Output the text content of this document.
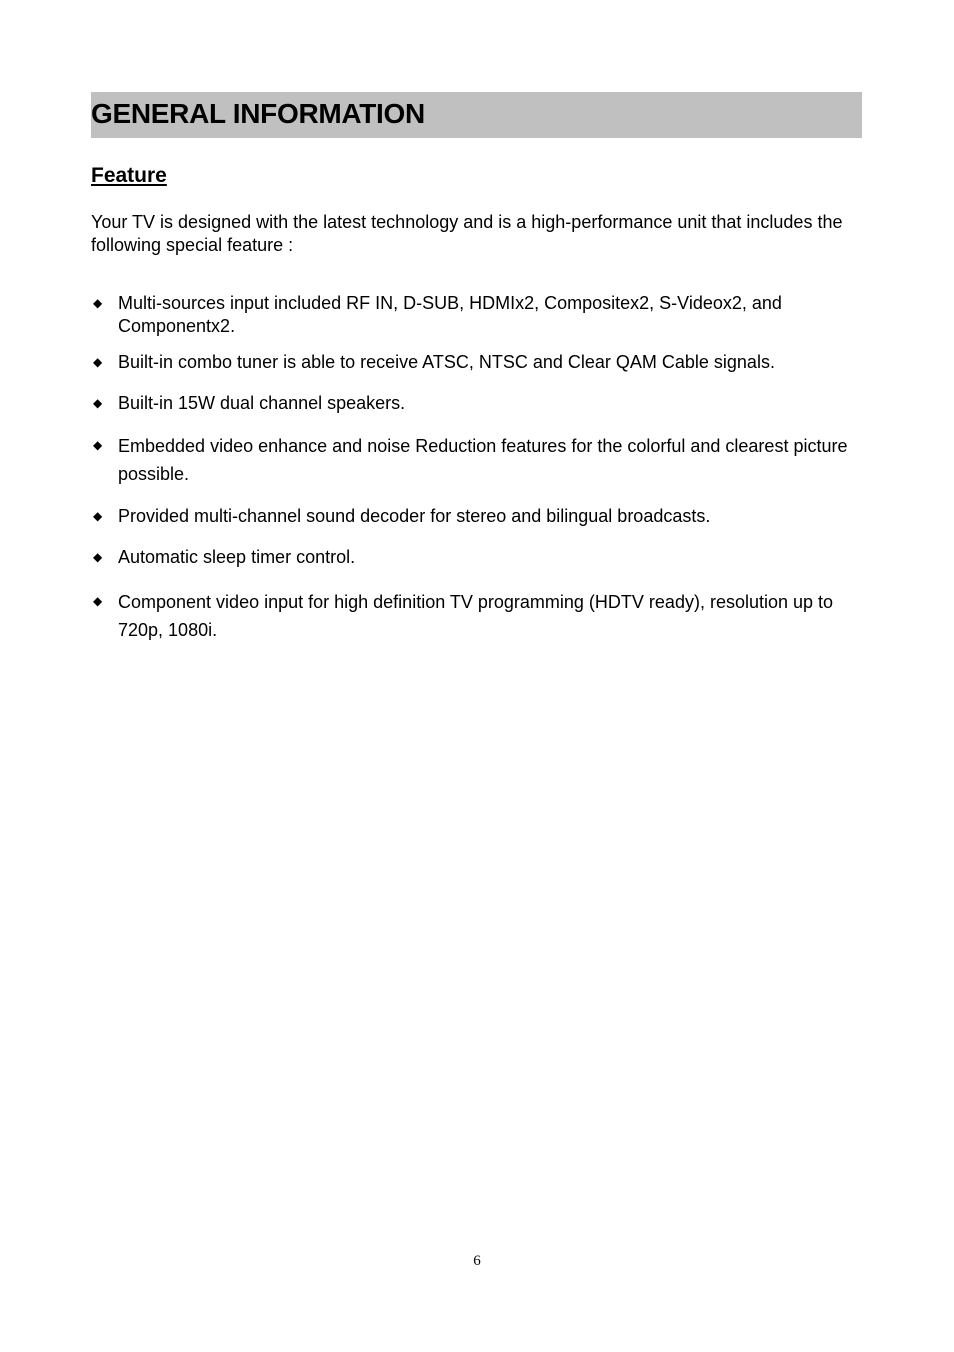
GENERAL INFORMATION
Feature

Your TV is designed with the latest technology and is a high-performance unit that includes the following special feature :

◆ Multi-sources input included RF IN, D-SUB, HDMIx2, Compositex2, S-Videox2, and Componentx2.
◆ Built-in combo tuner is able to receive ATSC, NTSC and Clear QAM Cable signals.
◆ Built-in 15W dual channel speakers.
◆ Embedded video enhance and noise Reduction features for the colorful and clearest picture possible.
◆ Provided multi-channel sound decoder for stereo and bilingual broadcasts.
◆ Automatic sleep timer control.
◆ Component video input for high definition TV programming (HDTV ready), resolution up to 720p, 1080i.
6
